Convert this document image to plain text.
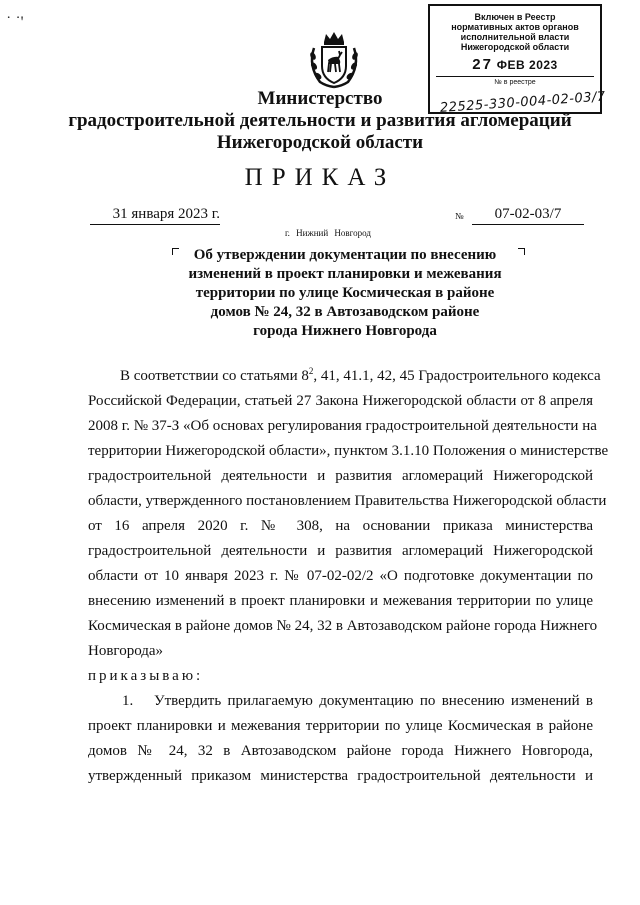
˙ ˙'	Включен в Реестр
нормативных актов органов
исполнительной власти
Нижегородской области
27 ФЕВ 2023
№ в реестре
22525-330-004-02-03/7
Министерство
градостроительной деятельности и развития агломераций
Нижегородской области
ПРИКАЗ
31 января 2023 г.	№	07-02-03/7
г. Нижний Новгород
Об утверждении документации по внесению
изменений в проект планировки и межевания
территории по улице Космическая в районе
домов № 24, 32 в Автозаводском районе
города Нижнего Новгорода
В соответствии со статьями $8^2$, 41, 41.1, 42, 45 Градостроительного кодекса
Российской Федерации, статьей 27 Закона Нижегородской области от 8 апреля
2008 г. № 37-З «Об основах регулирования градостроительной деятельности на
территории Нижегородской области», пунктом 3.1.10 Положения о министерстве
градостроительной деятельности и развития агломераций Нижегородской
области, утвержденного постановлением Правительства Нижегородской области
от 16 апреля 2020 г. № 308, на основании приказа министерства
градостроительной деятельности и развития агломераций Нижегородской
области от 10 января 2023 г. № 07-02-02/2 «О подготовке документации по
внесению изменений в проект планировки и межевания территории по улице
Космическая в районе домов № 24, 32 в Автозаводском районе города Нижнего
Новгорода»
приказываю:
1. Утвердить прилагаемую документацию по внесению изменений в
проект планировки и межевания территории по улице Космическая в районе
домов № 24, 32 в Автозаводском районе города Нижнего Новгорода,
утвержденный приказом министерства градостроительной деятельности и
